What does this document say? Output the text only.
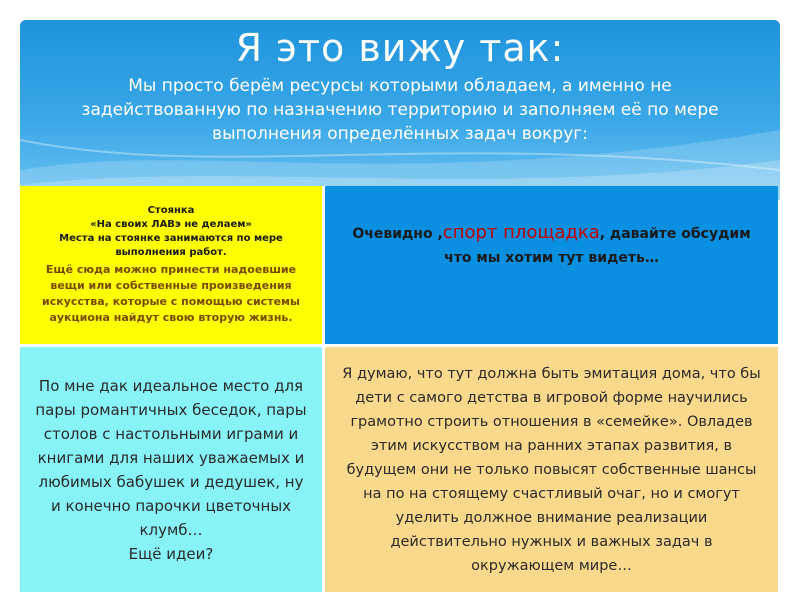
Я это вижу так:
Мы просто берём ресурсы которыми обладаем, а именно не задействованную по назначению территорию и заполняем её по мере выполнения определённых задач вокруг:
Стоянка
«На своих ЛАВэ не делаем»
Места на стоянке занимаются по мере выполнения работ.
Ещё сюда можно принести надоевшие вещи или собственные произведения искусства, которые с помощью системы аукциона найдут свою вторую жизнь.
Очевидно ,спорт площадка, давайте обсудим что мы хотим тут видеть…
По мне дак идеальное место для пары романтичных беседок, пары столов с настольными играми и книгами для наших уважаемых и любимых бабушек и дедушек, ну и конечно парочки цветочных клумб…
Ещё идеи?
Я думаю, что тут должна быть эмитация дома, что бы дети с самого детства в игровой форме научились грамотно строить отношения в «семейке». Овладев этим искусством на ранних этапах развития, в будущем они не только повысят собственные шансы на по на стоящему счастливый очаг, но и смогут уделить должное внимание реализации действительно нужных и важных задач в окружающем мире…
